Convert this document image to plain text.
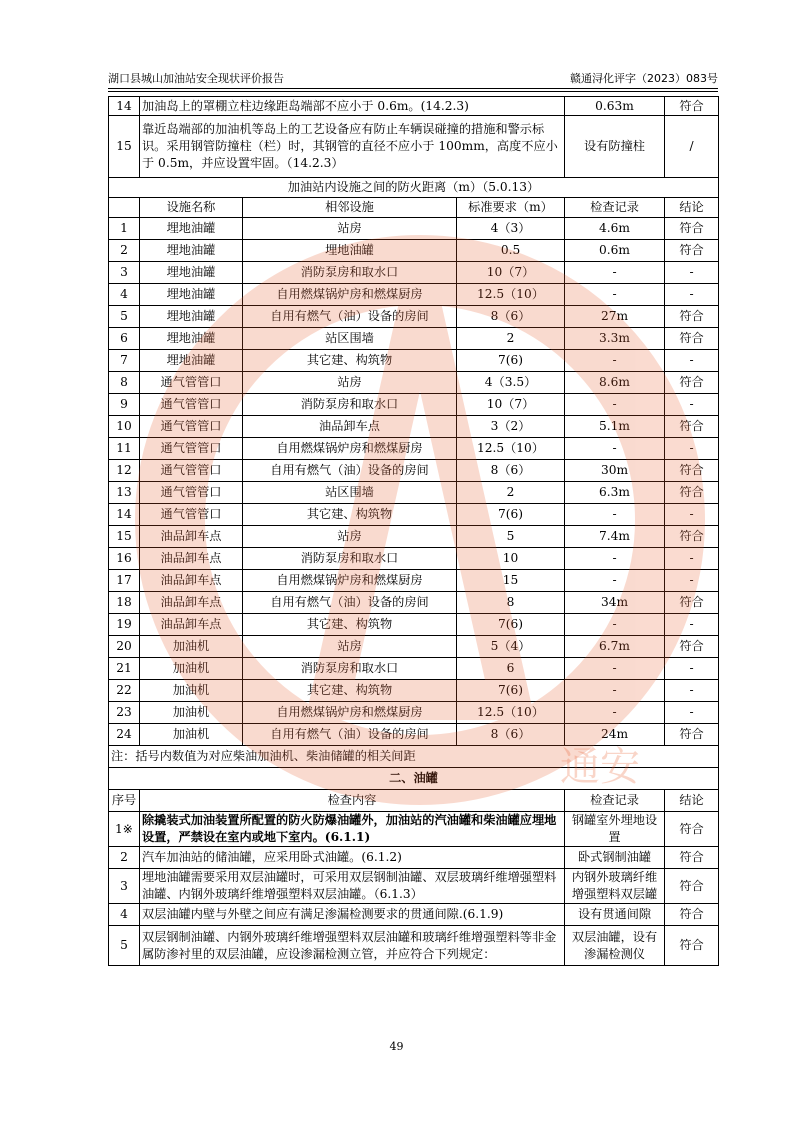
湖口县城山加油站安全现状评价报告	赣通浔化评字（2023）083号
14	加油岛上的罩棚立柱边缘距岛端部不应小于 0.6m。(14.2.3)			0.63m	符合
15	靠近岛端部的加油机等岛上的工艺设备应有防止车辆误碰撞的措施和警示标识。采用钢管防撞柱（栏）时，其钢管的直径不应小于 100mm，高度不应小于 0.5m，并应设置牢固。（14.2.3）			设有防撞柱	/
加油站内设施之间的防火距离（m）（5.0.13）					
	设施名称	相邻设施	标准要求（m）	检查记录	结论
1	埋地油罐	站房	4（3）	4.6m	符合
2	埋地油罐	埋地油罐	0.5	0.6m	符合
3	埋地油罐	消防泵房和取水口	10（7）	-	-
4	埋地油罐	自用燃煤锅炉房和燃煤厨房	12.5（10）	-	-
5	埋地油罐	自用有燃气（油）设备的房间	8（6）	27m	符合
6	埋地油罐	站区围墙	2	3.3m	符合
7	埋地油罐	其它建、构筑物	7(6)	-	-
8	通气管管口	站房	4（3.5）	8.6m	符合
9	通气管管口	消防泵房和取水口	10（7）	-	-
10	通气管管口	油品卸车点	3（2）	5.1m	符合
11	通气管管口	自用燃煤锅炉房和燃煤厨房	12.5（10）	-	-
12	通气管管口	自用有燃气（油）设备的房间	8（6）	30m	符合
13	通气管管口	站区围墙	2	6.3m	符合
14	通气管管口	其它建、构筑物	7(6)	-	-
15	油品卸车点	站房	5	7.4m	符合
16	油品卸车点	消防泵房和取水口	10	-	-
17	油品卸车点	自用燃煤锅炉房和燃煤厨房	15	-	-
18	油品卸车点	自用有燃气（油）设备的房间	8	34m	符合
19	油品卸车点	其它建、构筑物	7(6)	-	-
20	加油机	站房	5（4）	6.7m	符合
21	加油机	消防泵房和取水口	6	-	-
22	加油机	其它建、构筑物	7(6)	-	-
23	加油机	自用燃煤锅炉房和燃煤厨房	12.5（10）	-	-
24	加油机	自用有燃气（油）设备的房间	8（6）	24m	符合
注：括号内数值为对应柴油加油机、柴油储罐的相关间距					
二、油罐					
序号	检查内容			检查记录	结论
1※	除撬装式加油装置所配置的防火防爆油罐外，加油站的汽油罐和柴油罐应埋地设置，严禁设在室内或地下室内。(6.1.1)			钢罐室外埋地设置	符合
2	汽车加油站的储油罐，应采用卧式油罐。(6.1.2)			卧式钢制油罐	符合
3	埋地油罐需要采用双层油罐时，可采用双层钢制油罐、双层玻璃纤维增强塑料油罐、内钢外玻璃纤维增强塑料双层油罐。（6.1.3）			内钢外玻璃纤维增强塑料双层罐	符合
4	双层油罐内壁与外壁之间应有满足渗漏检测要求的贯通间隙.(6.1.9)			设有贯通间隙	符合
5	双层钢制油罐、内钢外玻璃纤维增强塑料双层油罐和玻璃纤维增强塑料等非金属防渗衬里的双层油罐，应设渗漏检测立管，并应符合下列规定：			双层油罐，设有渗漏检测仪	符合
49
通安
